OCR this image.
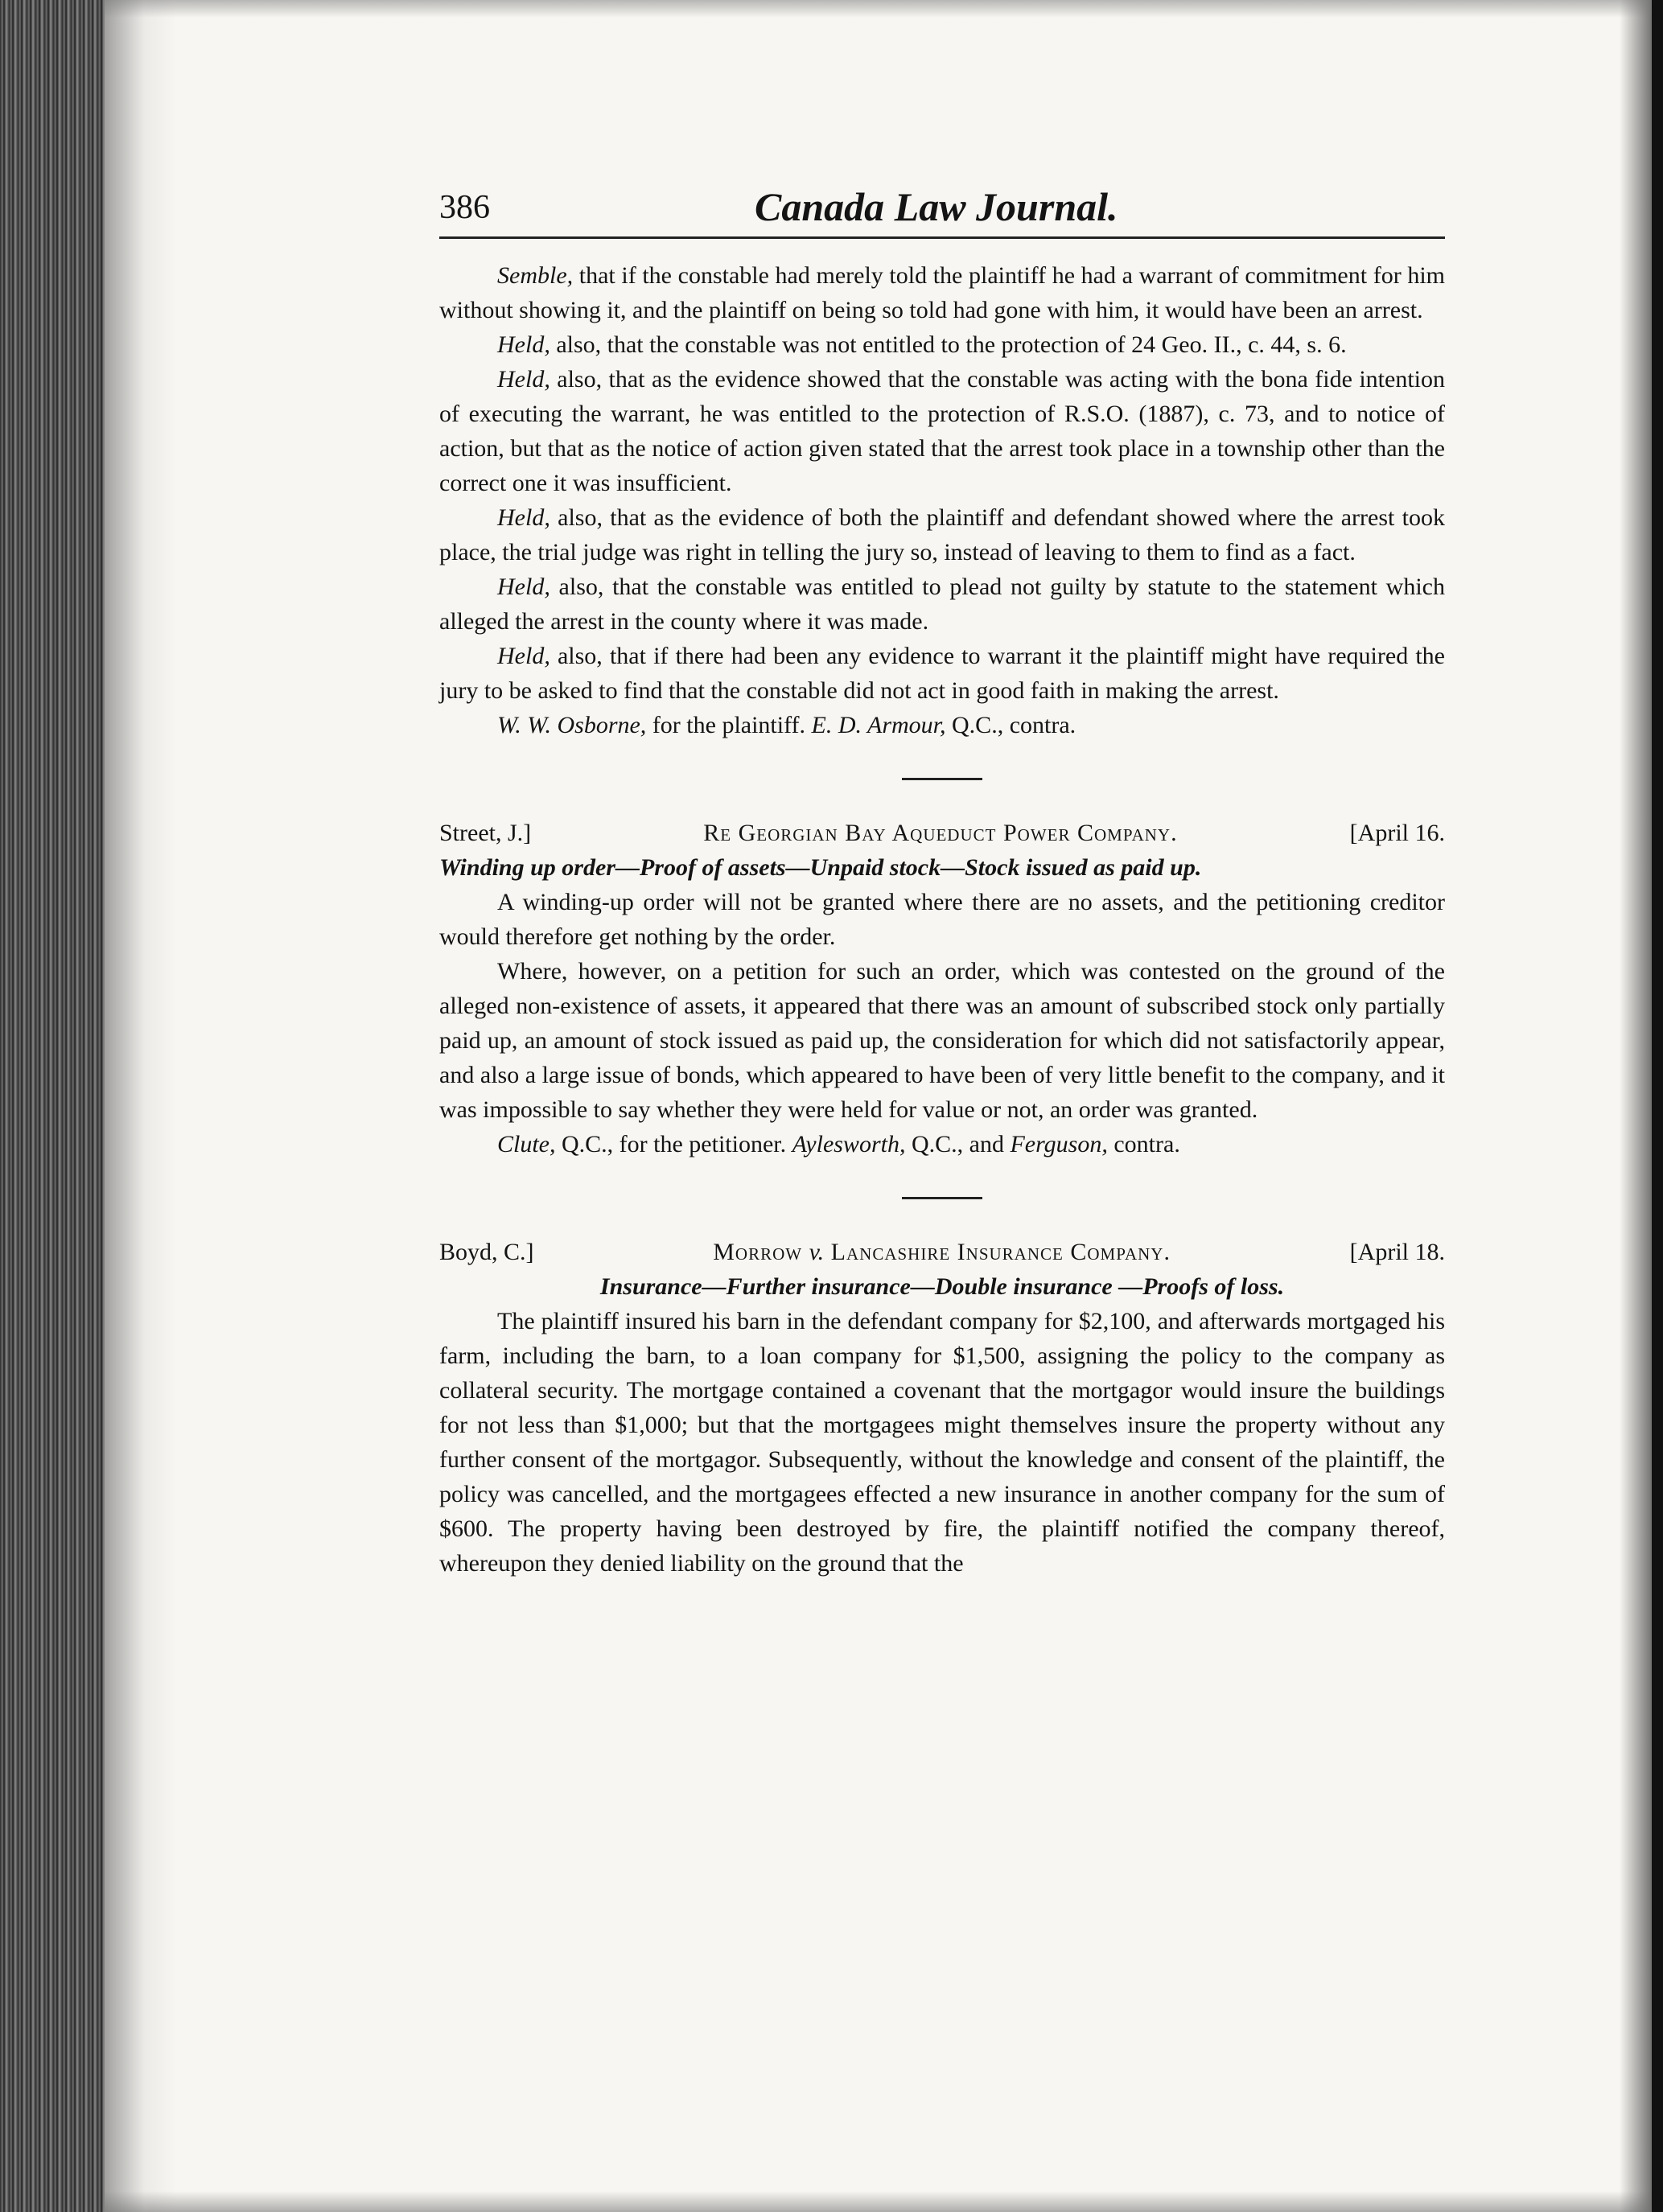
386	Canada Law Journal.

Semble, that if the constable had merely told the plaintiff he had a warrant of commitment for him without showing it, and the plaintiff on being so told had gone with him, it would have been an arrest.

Held, also, that the constable was not entitled to the protection of 24 Geo. II., c. 44, s. 6.

Held, also, that as the evidence showed that the constable was acting with the bona fide intention of executing the warrant, he was entitled to the protection of R.S.O. (1887), c. 73, and to notice of action, but that as the notice of action given stated that the arrest took place in a township other than the correct one it was insufficient.

Held, also, that as the evidence of both the plaintiff and defendant showed where the arrest took place, the trial judge was right in telling the jury so, instead of leaving to them to find as a fact.

Held, also, that the constable was entitled to plead not guilty by statute to the statement which alleged the arrest in the county where it was made.

Held, also, that if there had been any evidence to warrant it the plaintiff might have required the jury to be asked to find that the constable did not act in good faith in making the arrest.

W. W. Osborne, for the plaintiff. E. D. Armour, Q.C., contra.

Street, J.]	Re Georgian Bay Aqueduct Power Company.	[April 16.
Winding up order—Proof of assets—Unpaid stock—Stock issued as paid up.

A winding-up order will not be granted where there are no assets, and the petitioning creditor would therefore get nothing by the order.

Where, however, on a petition for such an order, which was contested on the ground of the alleged non-existence of assets, it appeared that there was an amount of subscribed stock only partially paid up, an amount of stock issued as paid up, the consideration for which did not satisfactorily appear, and also a large issue of bonds, which appeared to have been of very little benefit to the company, and it was impossible to say whether they were held for value or not, an order was granted.

Clute, Q.C., for the petitioner. Aylesworth, Q.C., and Ferguson, contra.

Boyd, C.]	Morrow v. Lancashire Insurance Company.	[April 18.
Insurance—Further insurance—Double insurance —Proofs of loss.

The plaintiff insured his barn in the defendant company for $2,100, and afterwards mortgaged his farm, including the barn, to a loan company for $1,500, assigning the policy to the company as collateral security. The mortgage contained a covenant that the mortgagor would insure the buildings for not less than $1,000; but that the mortgagees might themselves insure the property without any further consent of the mortgagor. Subsequently, without the knowledge and consent of the plaintiff, the policy was cancelled, and the mortgagees effected a new insurance in another company for the sum of $600. The property having been destroyed by fire, the plaintiff notified the company thereof, whereupon they denied liability on the ground that the
